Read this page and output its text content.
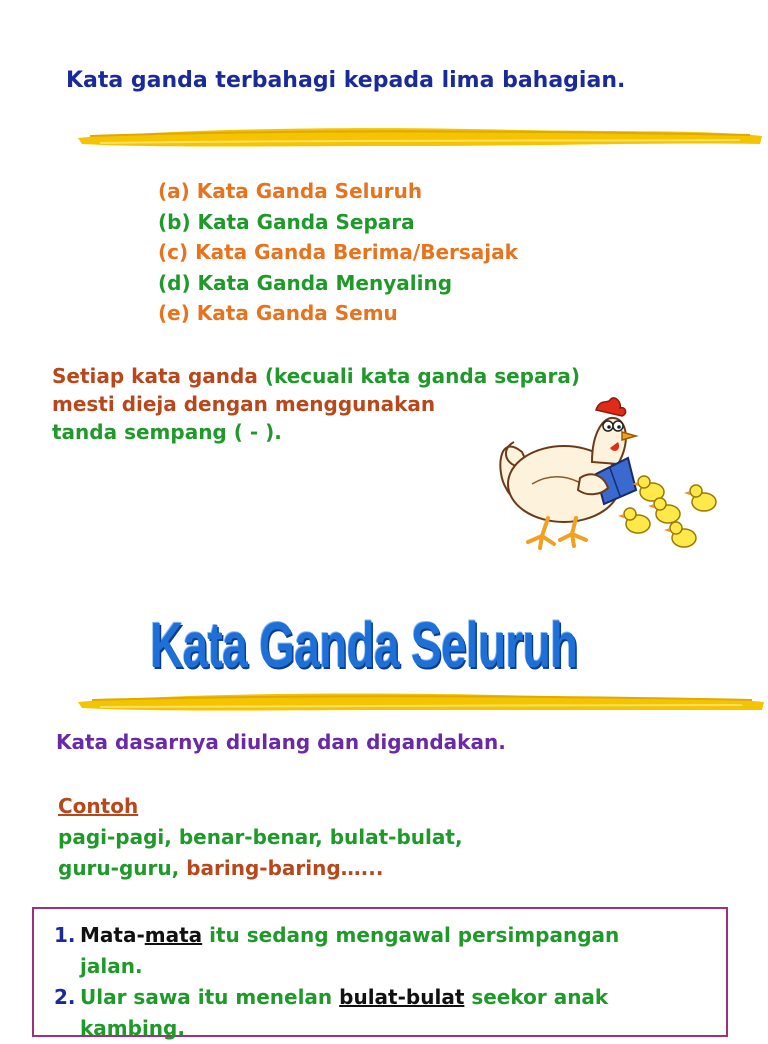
Kata ganda terbahagi kepada lima bahagian.
(a) Kata Ganda Seluruh
(b) Kata Ganda Separa
(c) Kata Ganda Berima/Bersajak
(d) Kata Ganda Menyaling
(e) Kata Ganda Semu
Setiap kata ganda (kecuali kata ganda separa)
mesti dieja dengan menggunakan
tanda sempang ( - ).
Kata Ganda Seluruh
Kata dasarnya diulang dan digandakan.
Contoh
pagi-pagi, benar-benar, bulat-bulat,
guru-guru, baring-baring…...
1. Mata-mata itu sedang mengawal persimpangan
jalan.
2. Ular sawa itu menelan bulat-bulat seekor anak
kambing.
